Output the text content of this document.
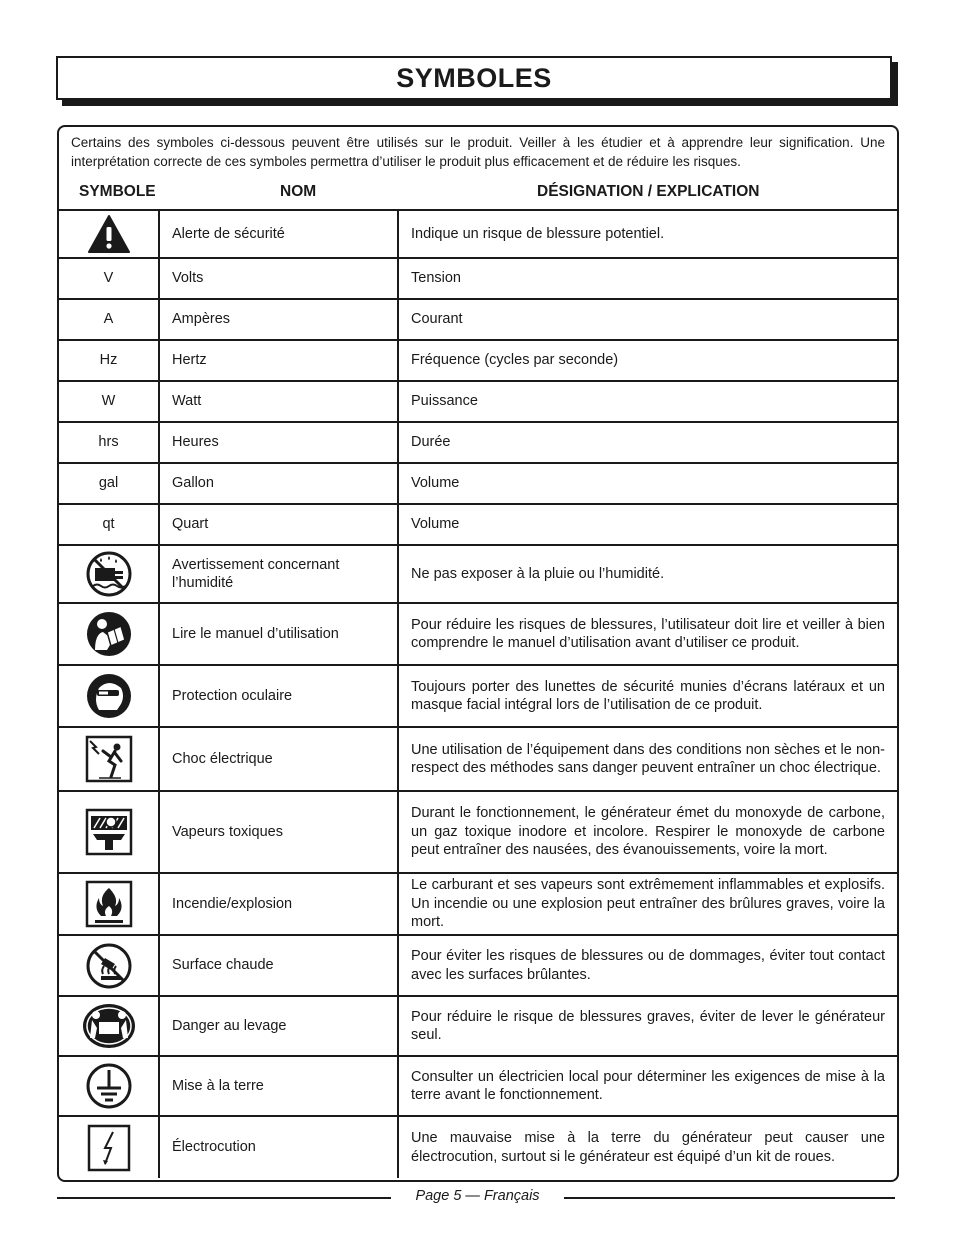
SYMBOLES
Certains des symboles ci-dessous peuvent être utilisés sur le produit. Veiller à les étudier et à apprendre leur signification. Une interprétation correcte de ces symboles permettra d’utiliser le produit plus efficacement et de réduire les risques.
SYMBOLE	NOM	DÉSIGNATION / EXPLICATION
	Alerte de sécurité	Indique un risque de blessure potentiel.
V	Volts	Tension
A	Ampères	Courant
Hz	Hertz	Fréquence (cycles par seconde)
W	Watt	Puissance
hrs	Heures	Durée
gal	Gallon	Volume
qt	Quart	Volume

	Avertissement concernant l’humidité	Ne pas exposer à la pluie ou l’humidité.

	Lire le manuel d’utilisation	Pour réduire les risques de blessures, l’utilisateur doit lire et veiller à bien comprendre le manuel d’utilisation avant d’utiliser ce produit.

	Protection oculaire	Toujours porter des lunettes de sécurité munies d’écrans latéraux et un masque facial intégral lors de l’utilisation de ce produit.

	Choc électrique	Une utilisation de l’équipement dans des conditions non sèches et le non-respect des méthodes sans danger peuvent entraîner un choc électrique.

	Vapeurs toxiques	Durant le fonctionnement, le générateur émet du monoxyde de carbone, un gaz toxique inodore et incolore. Respirer le monoxyde de carbone peut entraîner des nausées, des évanouissements, voire la mort.

	Incendie/explosion	Le carburant et ses vapeurs sont extrêmement inflammables et explosifs. Un incendie ou une explosion peut entraîner des brûlures graves, voire la mort.

	Surface chaude	Pour éviter les risques de blessures ou de dommages, éviter tout contact avec les surfaces brûlantes.

	Danger au levage	Pour réduire le risque de blessures graves, éviter de lever le générateur seul.

	Mise à la terre	Consulter un électricien local pour déterminer les exigences de mise à la terre avant le fonctionnement.

	Électrocution	Une mauvaise mise à la terre du générateur peut causer une électrocution, surtout si le générateur est équipé d’un kit de roues.
Page 5 — Français
